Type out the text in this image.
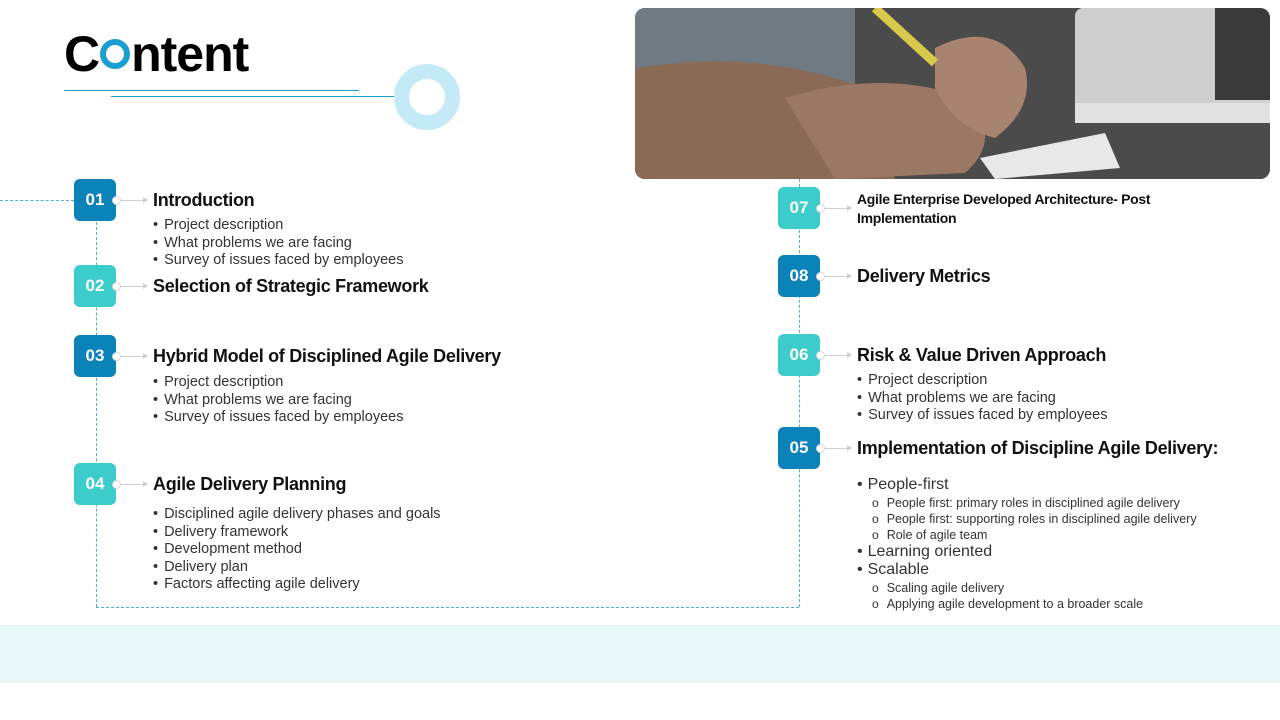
C ntent
01	Introduction
• Project description
• What problems we are facing
• Survey of issues faced by employees
02	Selection of Strategic Framework
03	Hybrid Model of Disciplined Agile Delivery
• Project description
• What problems we are facing
• Survey of issues faced by employees
04	Agile Delivery Planning
• Disciplined agile delivery phases and goals
• Delivery framework
• Development method
• Delivery plan
• Factors affecting agile delivery
07	Agile Enterprise Developed Architecture- Post Implementation
08	Delivery Metrics
06	Risk & Value Driven Approach
• Project description
• What problems we are facing
• Survey of issues faced by employees
05	Implementation of Discipline Agile Delivery:
• People-first
o People first: primary roles in disciplined agile delivery
o People first: supporting roles in disciplined agile delivery
o Role of agile team
• Learning oriented
• Scalable
o Scaling agile delivery
o Applying agile development to a broader scale
